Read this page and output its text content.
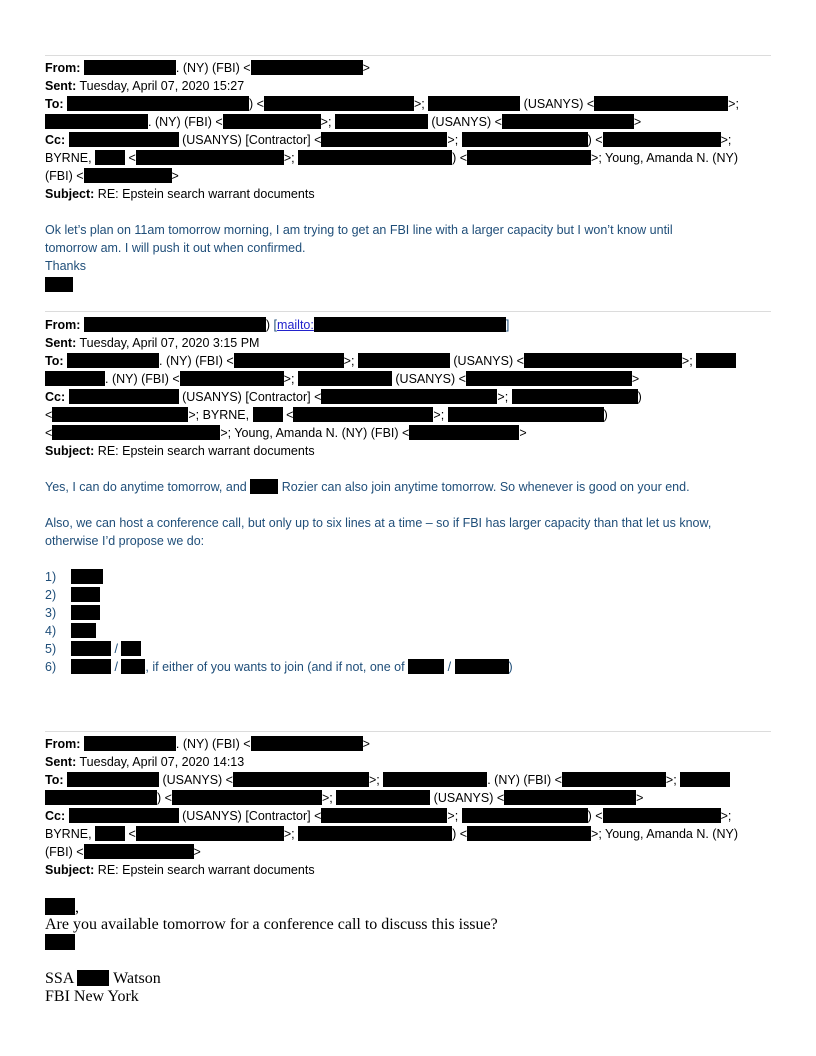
From:	. (NY) (FBI) <	>
Sent: Tuesday, April 07, 2020 15:27
To:	) <	>;	(USANYS) <	>;
. (NY) (FBI) <	>;	(USANYS) <	>
Cc:	(USANYS) [Contractor] <	>;	) <	>;
BYRNE,	<	>;	) <	>; Young, Amanda N. (NY)
(FBI) <	>
Subject: RE: Epstein search warrant documents
Ok let’s plan on 11am tomorrow morning, I am trying to get an FBI line with a larger capacity but I won’t know until
tomorrow am. I will push it out when confirmed.
Thanks
From:	) [mailto:	]
Sent: Tuesday, April 07, 2020 3:15 PM
To:	. (NY) (FBI) <	>;	(USANYS) <	>;
. (NY) (FBI) <	>;	(USANYS) <	>
Cc:	(USANYS) [Contractor] <	>;	)
<	>; BYRNE,	<	>;	)
<	>; Young, Amanda N. (NY) (FBI) <	>
Subject: RE: Epstein search warrant documents
Yes, I can do anytime tomorrow, and	Rozier can also join anytime tomorrow. So whenever is good on your end.
Also, we can host a conference call, but only up to six lines at a time – so if FBI has larger capacity than that let us know,
otherwise I’d propose we do:
1)
2)
3)
4)
5)	/
6)	/ , if either of you wants to join (and if not, one of	/	)
From:	. (NY) (FBI) <	>
Sent: Tuesday, April 07, 2020 14:13
To:	(USANYS) <	>;	. (NY) (FBI) <	>;
) <	>;	(USANYS) <	>
Cc:	(USANYS) [Contractor] <	>;	) <	>;
BYRNE,	<	>;	) <	>; Young, Amanda N. (NY)
(FBI) <	>
Subject: RE: Epstein search warrant documents
,
Are you available tomorrow for a conference call to discuss this issue?
SSA  Watson
FBI New York
